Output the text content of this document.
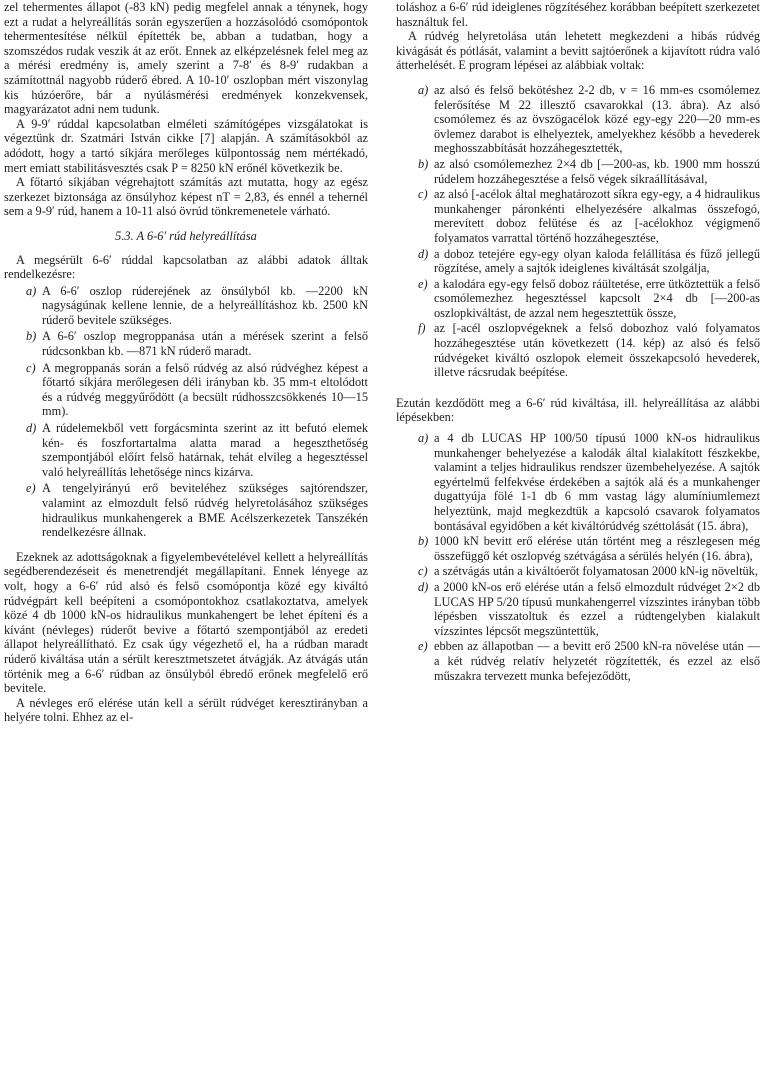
zel tehermentes állapot (-83 kN) pedig megfelel annak a ténynek, hogy ezt a rudat a helyreállítás során egyszerűen a hozzásolódó csomópontok tehermentesítése nélkül építették be, abban a tudatban, hogy a szomszédos rudak veszik át az erőt. Ennek az elképzelésnek felel meg az a mérési eredmény is, amely szerint a 7-8′ és 8-9′ rudakban a számítottnál nagyobb rúderő ébred. A 10-10′ oszlopban mért viszonylag kis húzóerőre, bár a nyúlásmérési eredmények konzekvensek, magyarázatot adni nem tudunk.

A 9-9′ rúddal kapcsolatban elméleti számítógépes vizsgálatokat is végeztünk dr. Szatmári István cikke [7] alapján. A számításokból az adódott, hogy a tartó síkjára merőleges külpontosság nem mértékadó, mert emiatt stabilitásvesztés csak P = 8250 kN erőnél következik be.

A főtartó síkjában végrehajtott számítás azt mutatta, hogy az egész szerkezet biztonsága az önsúlyhoz képest nT = 2,83, és ennél a tehernél sem a 9-9′ rúd, hanem a 10-11 alsó övrúd tönkremenetele várható.

5.3. A 6-6′ rúd helyreállítása

A megsérült 6-6′ rúddal kapcsolatban az alábbi adatok álltak rendelkezésre:

a) A 6-6′ oszlop rúderejének az önsúlyból kb. —2200 kN nagyságúnak kellene lennie, de a helyreállításhoz kb. 2500 kN rúderő bevitele szükséges.
b) A 6-6′ oszlop megroppanása után a mérések szerint a felső rúdcsonkban kb. —871 kN rúderő maradt.
c) A megroppanás során a felső rúdvég az alsó rúdvéghez képest a főtartó síkjára merőlegesen déli irányban kb. 35 mm-t eltolódott és a rúdvég meggyűrődött (a becsült rúdhosszcsökkenés 10—15 mm).
d) A rúdelemekből vett forgácsminta szerint az itt befutó elemek kén- és foszfortartalma alatta marad a hegeszthetőség szempontjából előírt felső határnak, tehát elvileg a hegesztéssel való helyreállítás lehetősége nincs kizárva.
e) A tengelyirányú erő beviteléhez szükséges sajtórendszer, valamint az elmozdult felső rúdvég helyretolásához szükséges hidraulikus munkahengerek a BME Acélszerkezetek Tanszékén rendelkezésre állnak.

Ezeknek az adottságoknak a figyelembevételével kellett a helyreállítás segédberendezéseit és menetrendjét megállapítani. Ennek lényege az volt, hogy a 6-6′ rúd alsó és felső csomópontja közé egy kiváltó rúdvégpárt kell beépíteni a csomópontokhoz csatlakoztatva, amelyek közé 4 db 1000 kN-os hidraulikus munkahengert be lehet építeni és a kívánt (névleges) rúderőt bevive a főtartó szempontjából az eredeti állapot helyreállítható. Ez csak úgy végezhető el, ha a rúdban maradt rúderő kiváltása után a sérült keresztmetszetet átvágják. Az átvágás után történik meg a 6-6′ rúdban az önsúlyból ébredő erőnek megfelelő erő bevitele.

A névleges erő elérése után kell a sérült rúdvéget keresztirányban a helyére tolni. Ehhez az el-

toláshoz a 6-6′ rúd ideiglenes rögzítéséhez korábban beépített szerkezetet használtuk fel.

A rúdvég helyretolása után lehetett megkezdeni a hibás rúdvég kivágását és pótlását, valamint a bevitt sajtóerőnek a kijavított rúdra való átterhelését. E program lépései az alábbiak voltak:

a) az alsó és felső bekötéshez 2-2 db, v = 16 mm-es csomólemez felerősítése M 22 illesztő csavarokkal (13. ábra). Az alsó csomólemez és az övszögacélok közé egy-egy 220—20 mm-es övlemez darabot is elhelyeztek, amelyekhez később a hevederek meghosszabbítását hozzáhegesztették,
b) az alsó csomólemezhez 2×4 db [—200-as, kb. 1900 mm hosszú rúdelem hozzáhegesztése a felső végek síkraállításával,
c) az alsó [-acélok által meghatározott síkra egy-egy, a 4 hidraulikus munkahenger páronkénti elhelyezésére alkalmas összefogó, merevített doboz felütése és az [-acélokhoz végigmenő folyamatos varrattal történő hozzáhegesztése,
d) a doboz tetejére egy-egy olyan kaloda felállítása és fűző jellegű rögzítése, amely a sajtók ideiglenes kiváltását szolgálja,
e) a kalodára egy-egy felső doboz ráültetése, erre ütköztettük a felső csomólemezhez hegesztéssel kapcsolt 2×4 db [—200-as oszlopkiváltást, de azzal nem hegesztettük össze,
f) az [-acél oszlopvégeknek a felső dobozhoz való folyamatos hozzáhegesztése után következett (14. kép) az alsó és felső rúdvégeket kiváltó oszlopok elemeit összekapcsoló hevederek, illetve rácsrudak beépítése.

Ezután kezdődött meg a 6-6′ rúd kiváltása, ill. helyreállítása az alábbi lépésekben:

a) a 4 db LUCAS HP 100/50 típusú 1000 kN-os hidraulikus munkahenger behelyezése a kalodák által kialakított fészkekbe, valamint a teljes hidraulikus rendszer üzembehelyezése. A sajtók egyértelmű felfekvése érdekében a sajtók alá és a munkahenger dugattyúja fölé 1-1 db 6 mm vastag lágy alumíniumlemezt helyeztünk, majd megkezdtük a kapcsoló csavarok folyamatos bontásával egyidőben a két kiváltórúdvég széttolását (15. ábra),
b) 1000 kN bevitt erő elérése után történt meg a részlegesen még összefüggő két oszlopvég szétvágása a sérülés helyén (16. ábra),
c) a szétvágás után a kiváltóerőt folyamatosan 2000 kN-ig növeltük,
d) a 2000 kN-os erő elérése után a felső elmozdult rúdvéget 2×2 db LUCAS HP 5/20 típusú munkahengerrel vízszintes irányban több lépésben visszatoltuk és ezzel a rúdtengelyben kialakult vízszintes lépcsőt megszüntettük,
e) ebben az állapotban — a bevitt erő 2500 kN-ra növelése után — a két rúdvég relatív helyzetét rögzítették, és ezzel az első műszakra tervezett munka befejeződött,
